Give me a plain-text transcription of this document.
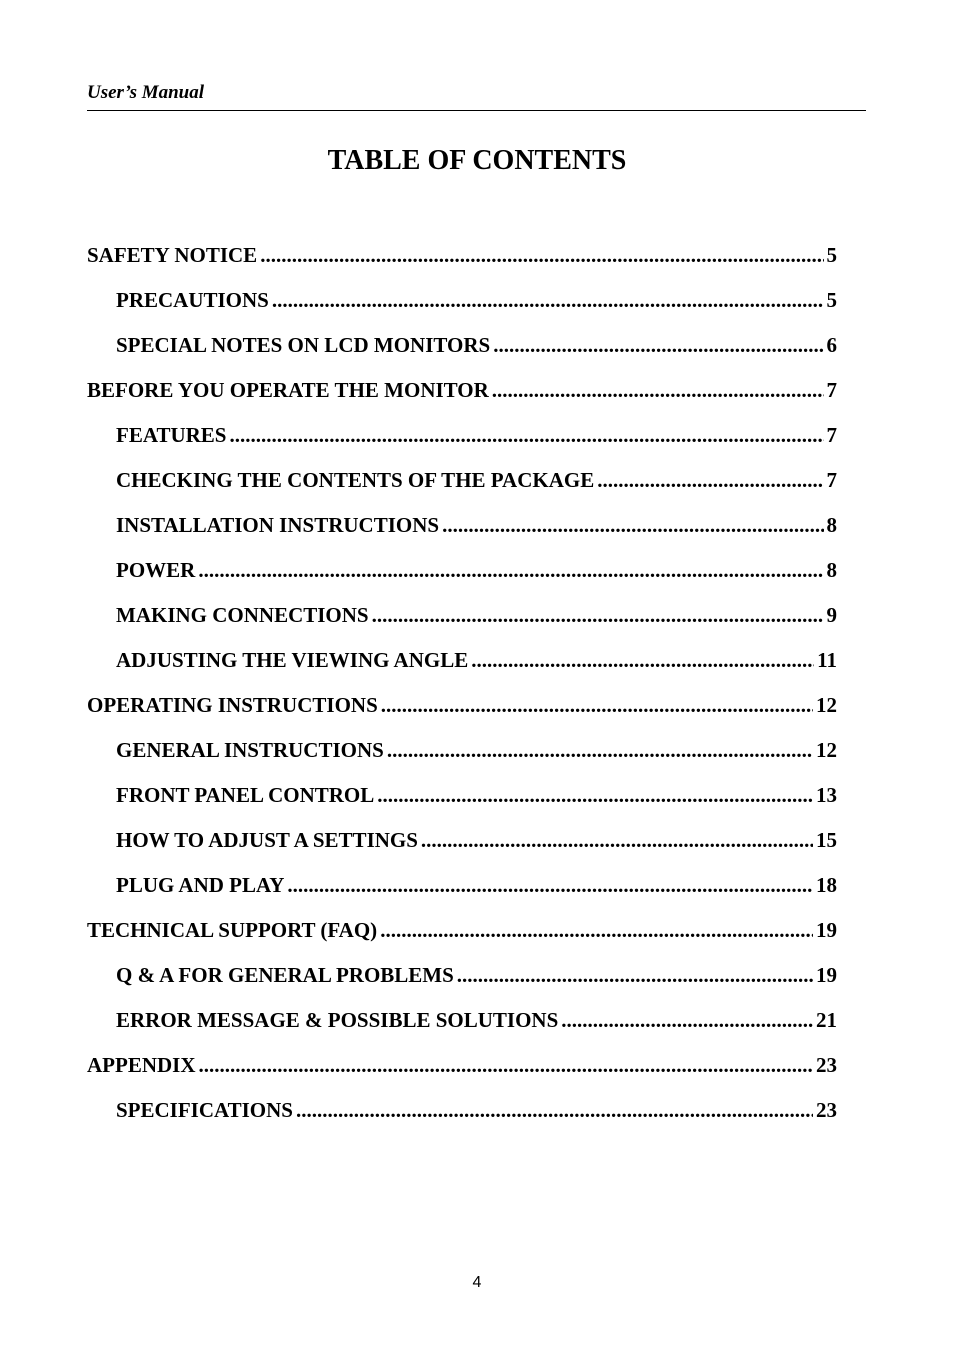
User’s Manual
TABLE OF CONTENTS
SAFETY NOTICE .....	5
PRECAUTIONS .....	5
SPECIAL NOTES ON LCD MONITORS .....	6
BEFORE YOU OPERATE THE MONITOR .....	7
FEATURES .....	7
CHECKING THE CONTENTS OF THE PACKAGE .....	7
INSTALLATION INSTRUCTIONS .....	8
POWER .....	8
MAKING CONNECTIONS .....	9
ADJUSTING THE VIEWING ANGLE .....	11
OPERATING INSTRUCTIONS .....	12
GENERAL INSTRUCTIONS .....	12
FRONT PANEL CONTROL .....	13
HOW TO ADJUST A SETTINGS .....	15
PLUG AND PLAY .....	18
TECHNICAL SUPPORT (FAQ) .....	19
Q & A FOR GENERAL PROBLEMS .....	19
ERROR MESSAGE & POSSIBLE SOLUTIONS .....	21
APPENDIX .....	23
SPECIFICATIONS .....	23
4
